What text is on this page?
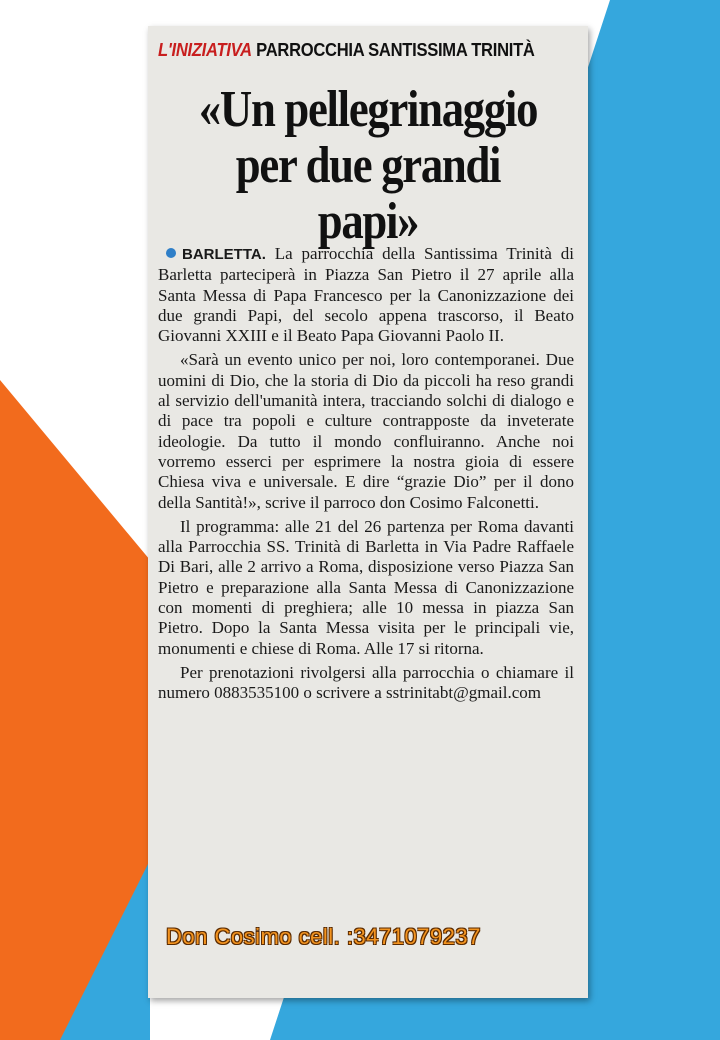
L'INIZIATIVA PARROCCHIA SANTISSIMA TRINITÀ
«Un pellegrinaggio
per due grandi papi»

BARLETTA. La parrocchia della Santissima Trinità di Barletta parteciperà in Piazza San Pietro il 27 aprile alla Santa Messa di Papa Francesco per la Canonizzazione dei due grandi Papi, del secolo appena trascorso, il Beato Giovanni XXIII e il Beato Papa Giovanni Paolo II.

«Sarà un evento unico per noi, loro contemporanei. Due uomini di Dio, che la storia di Dio da piccoli ha reso grandi al servizio dell'umanità intera, tracciando solchi di dialogo e di pace tra popoli e culture contrapposte da inveterate ideologie. Da tutto il mondo confluiranno. Anche noi vorremo esserci per esprimere la nostra gioia di essere Chiesa viva e universale. E dire “grazie Dio” per il dono della Santità!», scrive il parroco don Cosimo Falconetti.

Il programma: alle 21 del 26 partenza per Roma davanti alla Parrocchia SS. Trinità di Barletta in Via Padre Raffaele Di Bari, alle 2 arrivo a Roma, disposizione verso Piazza San Pietro e preparazione alla Santa Messa di Canonizzazione con momenti di preghiera; alle 10 messa in piazza San Pietro. Dopo la Santa Messa visita per le principali vie, monumenti e chiese di Roma. Alle 17 si ritorna.

Per prenotazioni rivolgersi alla parrocchia o chiamare il numero 0883535100 o scrivere a sstrinitabt@gmail.com

Don Cosimo cell. :3471079237
